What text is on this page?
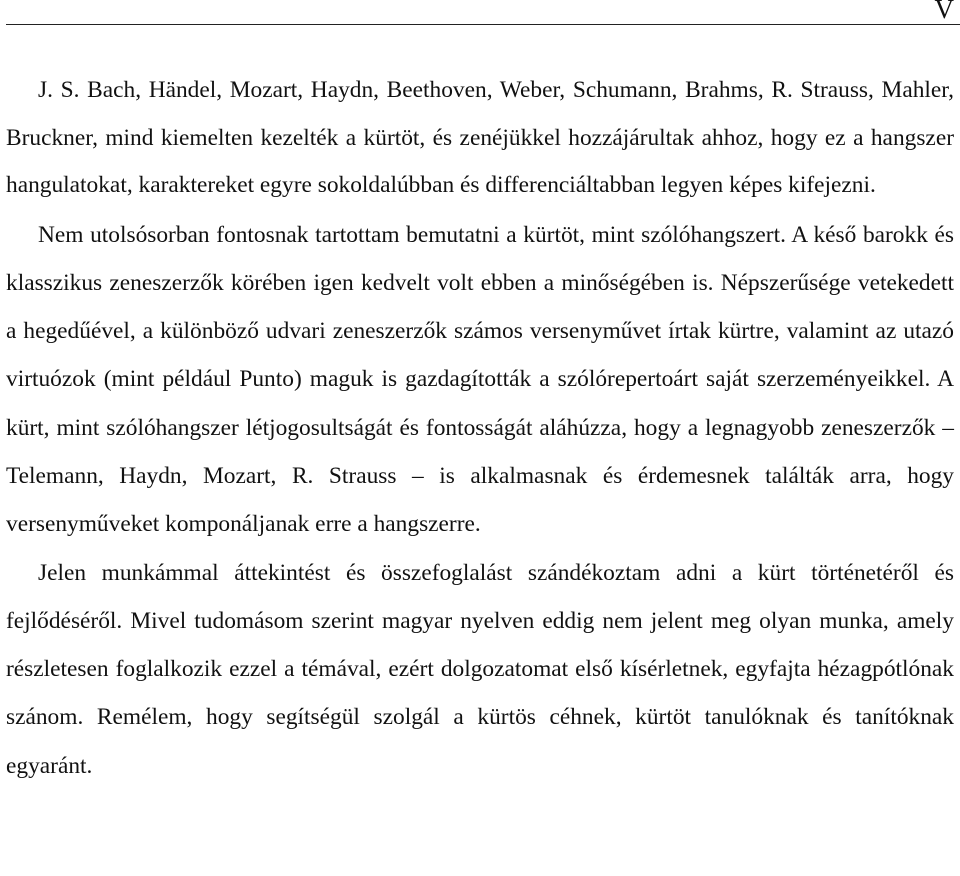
V

J. S. Bach, Händel, Mozart, Haydn, Beethoven, Weber, Schumann, Brahms, R. Strauss, Mahler, Bruckner, mind kiemelten kezelték a kürtöt, és zenéjükkel hozzájárultak ahhoz, hogy ez a hangszer hangulatokat, karaktereket egyre sokoldalúbban és differenciáltabban legyen képes kifejezni.

Nem utolsósorban fontosnak tartottam bemutatni a kürtöt, mint szólóhangszert. A késő barokk és klasszikus zeneszerzők körében igen kedvelt volt ebben a minőségében is. Népszerűsége vetekedett a hegedűével, a különböző udvari zeneszerzők számos versenyművet írtak kürtre, valamint az utazó virtuózok (mint például Punto) maguk is gazdagították a szólórepertoárt saját szerzeményeikkel. A kürt, mint szólóhangszer létjogosultságát és fontosságát aláhúzza, hogy a legnagyobb zeneszerzők – Telemann, Haydn, Mozart, R. Strauss – is alkalmasnak és érdemesnek találták arra, hogy versenyműveket komponáljanak erre a hangszerre.

Jelen munkámmal áttekintést és összefoglalást szándékoztam adni a kürt történetéről és fejlődéséről. Mivel tudomásom szerint magyar nyelven eddig nem jelent meg olyan munka, amely részletesen foglalkozik ezzel a témával, ezért dolgozatomat első kísérletnek, egyfajta hézagpótlónak szánom. Remélem, hogy segítségül szolgál a kürtös céhnek, kürtöt tanulóknak és tanítóknak egyaránt.
